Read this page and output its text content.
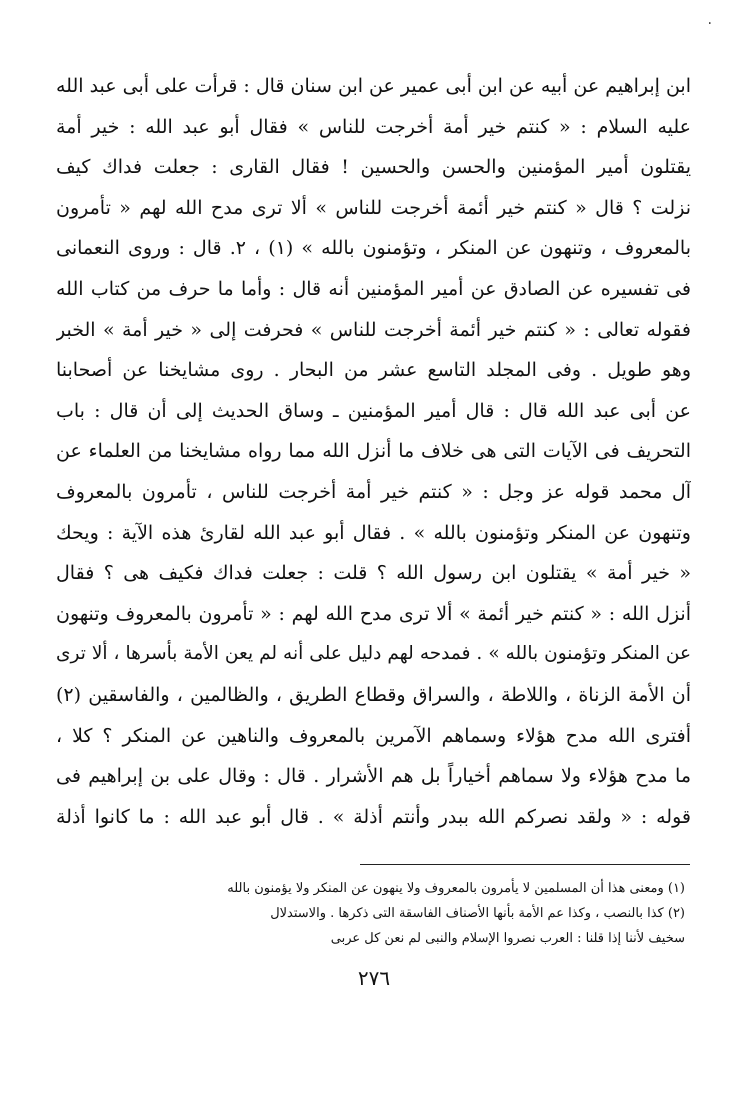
٠
ابن إبراهيم عن أبيه عن ابن أبى عمير عن ابن سنان قال : قرأت على أبى عبد الله
عليه السلام : « كنتم خير أمة أخرجت للناس » فقال أبو عبد الله : خير أمة
يقتلون أمير المؤمنين والحسن والحسين ! فقال القارى : جعلت فداك كيف
نزلت ؟ قال « كنتم خير أئمة أخرجت للناس » ألا ترى مدح الله لهم « تأمرون
بالمعروف ، وتنهون عن المنكر ، وتؤمنون بالله » (١) ، ٢. قال : وروى النعمانى
فى تفسيره عن الصادق عن أمير المؤمنين أنه قال : وأما ما حرف من كتاب الله
فقوله تعالى : « كنتم خير أئمة أخرجت للناس » فحرفت إلى « خير أمة » الخبر
وهو طويل . وفى المجلد التاسع عشر من البحار . روى مشايخنا عن أصحابنا
عن أبى عبد الله قال : قال أمير المؤمنين ـ وساق الحديث إلى أن قال : باب
التحريف فى الآيات التى هى خلاف ما أنزل الله مما رواه مشايخنا من العلماء عن
آل محمد قوله عز وجل : « كنتم خير أمة أخرجت للناس ، تأمرون بالمعروف
وتنهون عن المنكر وتؤمنون بالله » . فقال أبو عبد الله لقارئ هذه الآية : ويحك
« خير أمة » يقتلون ابن رسول الله ؟ قلت : جعلت فداك فكيف هى ؟ فقال
أنزل الله : « كنتم خير أئمة » ألا ترى مدح الله لهم : « تأمرون بالمعروف وتنهون
عن المنكر وتؤمنون بالله » . فمدحه لهم دليل على أنه لم يعن الأمة بأسرها ، ألا ترى
أن الأمة الزناة ، واللاطة ، والسراق وقطاع الطريق ، والظالمين ، والفاسقين (٢)
أفترى الله مدح هؤلاء وسماهم الآمرين بالمعروف والناهين عن المنكر ؟ كلا ،
ما مدح هؤلاء ولا سماهم أخياراً بل هم الأشرار . قال : وقال على بن إبراهيم فى
قوله : « ولقد نصركم الله ببدر وأنتم أذلة » . قال أبو عبد الله : ما كانوا أذلة
(١) ومعنى هذا أن المسلمين لا يأمرون بالمعروف ولا ينهون عن المنكر ولا يؤمنون بالله
(٢) كذا بالنصب ، وكذا عم الأمة بأنها الأصناف الفاسقة التى ذكرها . والاستدلال
سخيف لأننا إذا قلنا : العرب نصروا الإسلام والنبى لم نعن كل عربى
٢٧٦
